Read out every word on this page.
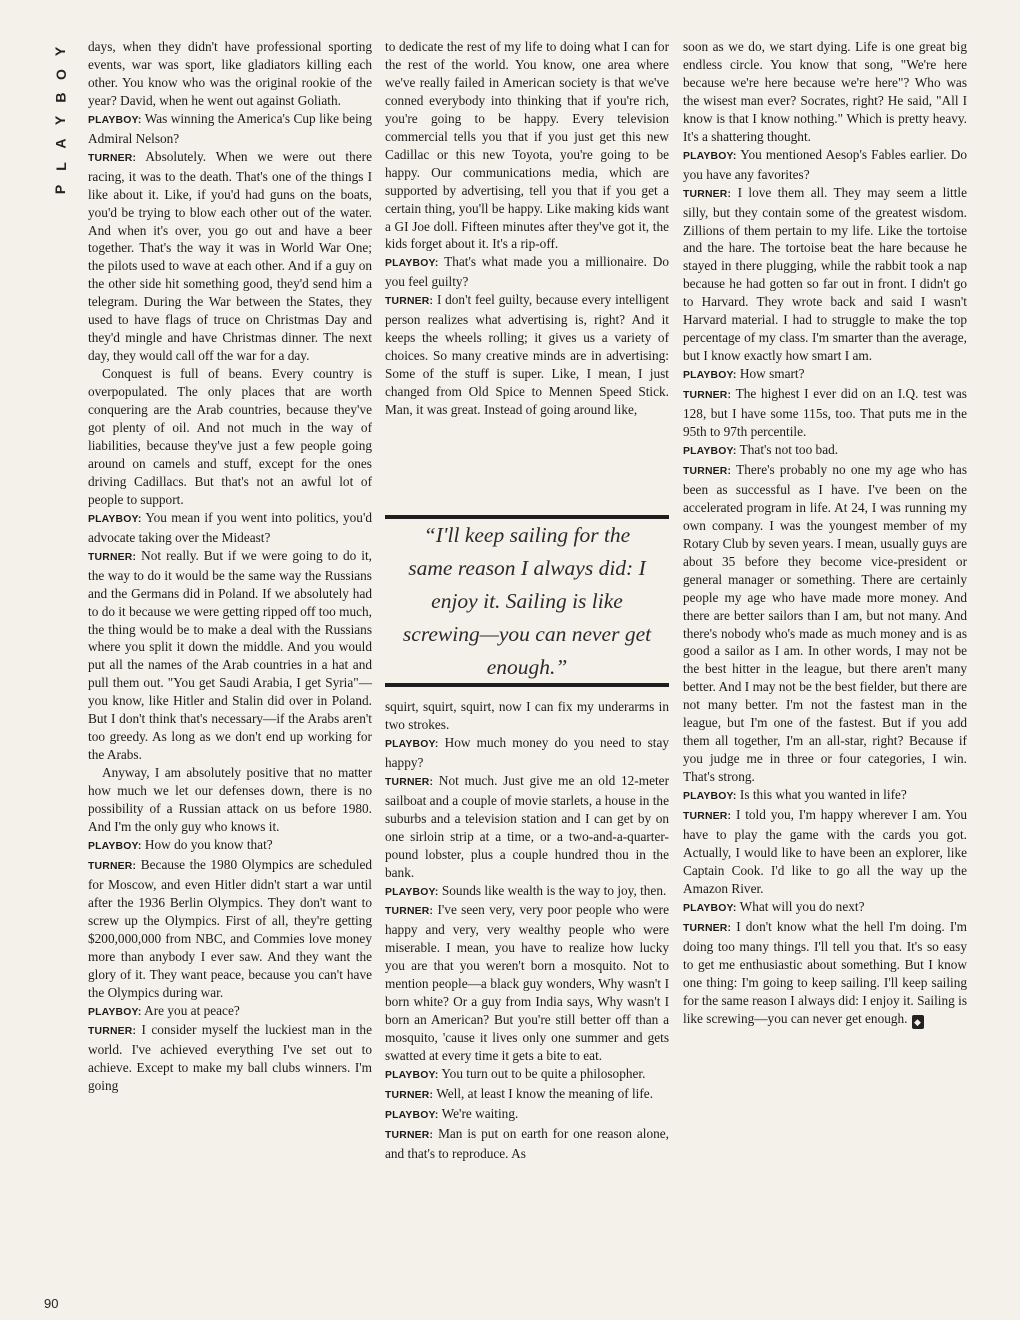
Y
O
B
Y
A
L
P
90

days, when they didn't have professional sporting events, war was sport, like gladiators killing each other. You know who was the original rookie of the year? David, when he went out against Goliath.

PLAYBOY: Was winning the America's Cup like being Admiral Nelson?

TURNER: Absolutely. When we were out there racing, it was to the death. That's one of the things I like about it. Like, if you'd had guns on the boats, you'd be trying to blow each other out of the water. And when it's over, you go out and have a beer together. That's the way it was in World War One; the pilots used to wave at each other. And if a guy on the other side hit something good, they'd send him a telegram. During the War between the States, they used to have flags of truce on Christmas Day and they'd mingle and have Christmas dinner. The next day, they would call off the war for a day.

Conquest is full of beans. Every country is overpopulated. The only places that are worth conquering are the Arab countries, because they've got plenty of oil. And not much in the way of liabilities, because they've just a few people going around on camels and stuff, except for the ones driving Cadillacs. But that's not an awful lot of people to support.

PLAYBOY: You mean if you went into politics, you'd advocate taking over the Mideast?

TURNER: Not really. But if we were going to do it, the way to do it would be the same way the Russians and the Germans did in Poland. If we absolutely had to do it because we were getting ripped off too much, the thing would be to make a deal with the Russians where you split it down the middle. And you would put all the names of the Arab countries in a hat and pull them out. "You get Saudi Arabia, I get Syria"—you know, like Hitler and Stalin did over in Poland. But I don't think that's necessary—if the Arabs aren't too greedy. As long as we don't end up working for the Arabs.

Anyway, I am absolutely positive that no matter how much we let our defenses down, there is no possibility of a Russian attack on us before 1980. And I'm the only guy who knows it.

PLAYBOY: How do you know that?

TURNER: Because the 1980 Olympics are scheduled for Moscow, and even Hitler didn't start a war until after the 1936 Berlin Olympics. They don't want to screw up the Olympics. First of all, they're getting $200,000,000 from NBC, and Commies love money more than anybody I ever saw. And they want the glory of it. They want peace, because you can't have the Olympics during war.

PLAYBOY: Are you at peace?

TURNER: I consider myself the luckiest man in the world. I've achieved everything I've set out to achieve. Except to make my ball clubs winners. I'm going

to dedicate the rest of my life to doing what I can for the rest of the world. You know, one area where we've really failed in American society is that we've conned everybody into thinking that if you're rich, you're going to be happy. Every television commercial tells you that if you just get this new Cadillac or this new Toyota, you're going to be happy. Our communications media, which are supported by advertising, tell you that if you get a certain thing, you'll be happy. Like making kids want a GI Joe doll. Fifteen minutes after they've got it, the kids forget about it. It's a rip-off.

PLAYBOY: That's what made you a millionaire. Do you feel guilty?

TURNER: I don't feel guilty, because every intelligent person realizes what advertising is, right? And it keeps the wheels rolling; it gives us a variety of choices. So many creative minds are in advertising: Some of the stuff is super. Like, I mean, I just changed from Old Spice to Mennen Speed Stick. Man, it was great. Instead of going around like,

“I'll keep sailing for the same reason I always did: I enjoy it. Sailing is like screwing—you can never get enough.”

squirt, squirt, squirt, now I can fix my underarms in two strokes.

PLAYBOY: How much money do you need to stay happy?

TURNER: Not much. Just give me an old 12-meter sailboat and a couple of movie starlets, a house in the suburbs and a television station and I can get by on one sirloin strip at a time, or a two-and-a-quarter-pound lobster, plus a couple hundred thou in the bank.

PLAYBOY: Sounds like wealth is the way to joy, then.

TURNER: I've seen very, very poor people who were happy and very, very wealthy people who were miserable. I mean, you have to realize how lucky you are that you weren't born a mosquito. Not to mention people—a black guy wonders, Why wasn't I born white? Or a guy from India says, Why wasn't I born an American? But you're still better off than a mosquito, 'cause it lives only one summer and gets swatted at every time it gets a bite to eat.

PLAYBOY: You turn out to be quite a philosopher.

TURNER: Well, at least I know the meaning of life.

PLAYBOY: We're waiting.

TURNER: Man is put on earth for one reason alone, and that's to reproduce. As

soon as we do, we start dying. Life is one great big endless circle. You know that song, "We're here because we're here because we're here"? Who was the wisest man ever? Socrates, right? He said, "All I know is that I know nothing." Which is pretty heavy. It's a shattering thought.

PLAYBOY: You mentioned Aesop's Fables earlier. Do you have any favorites?

TURNER: I love them all. They may seem a little silly, but they contain some of the greatest wisdom. Zillions of them pertain to my life. Like the tortoise and the hare. The tortoise beat the hare because he stayed in there plugging, while the rabbit took a nap because he had gotten so far out in front. I didn't go to Harvard. They wrote back and said I wasn't Harvard material. I had to struggle to make the top percentage of my class. I'm smarter than the average, but I know exactly how smart I am.

PLAYBOY: How smart?

TURNER: The highest I ever did on an I.Q. test was 128, but I have some 115s, too. That puts me in the 95th to 97th percentile.

PLAYBOY: That's not too bad.

TURNER: There's probably no one my age who has been as successful as I have. I've been on the accelerated program in life. At 24, I was running my own company. I was the youngest member of my Rotary Club by seven years. I mean, usually guys are about 35 before they become vice-president or general manager or something. There are certainly people my age who have made more money. And there are better sailors than I am, but not many. And there's nobody who's made as much money and is as good a sailor as I am. In other words, I may not be the best hitter in the league, but there aren't many better. And I may not be the best fielder, but there are not many better. I'm not the fastest man in the league, but I'm one of the fastest. But if you add them all together, I'm an all-star, right? Because if you judge me in three or four categories, I win. That's strong.

PLAYBOY: Is this what you wanted in life?

TURNER: I told you, I'm happy wherever I am. You have to play the game with the cards you got. Actually, I would like to have been an explorer, like Captain Cook. I'd like to go all the way up the Amazon River.

PLAYBOY: What will you do next?

TURNER: I don't know what the hell I'm doing. I'm doing too many things. I'll tell you that. It's so easy to get me enthusiastic about something. But I know one thing: I'm going to keep sailing. I'll keep sailing for the same reason I always did: I enjoy it. Sailing is like screwing—you can never get enough. ◆
